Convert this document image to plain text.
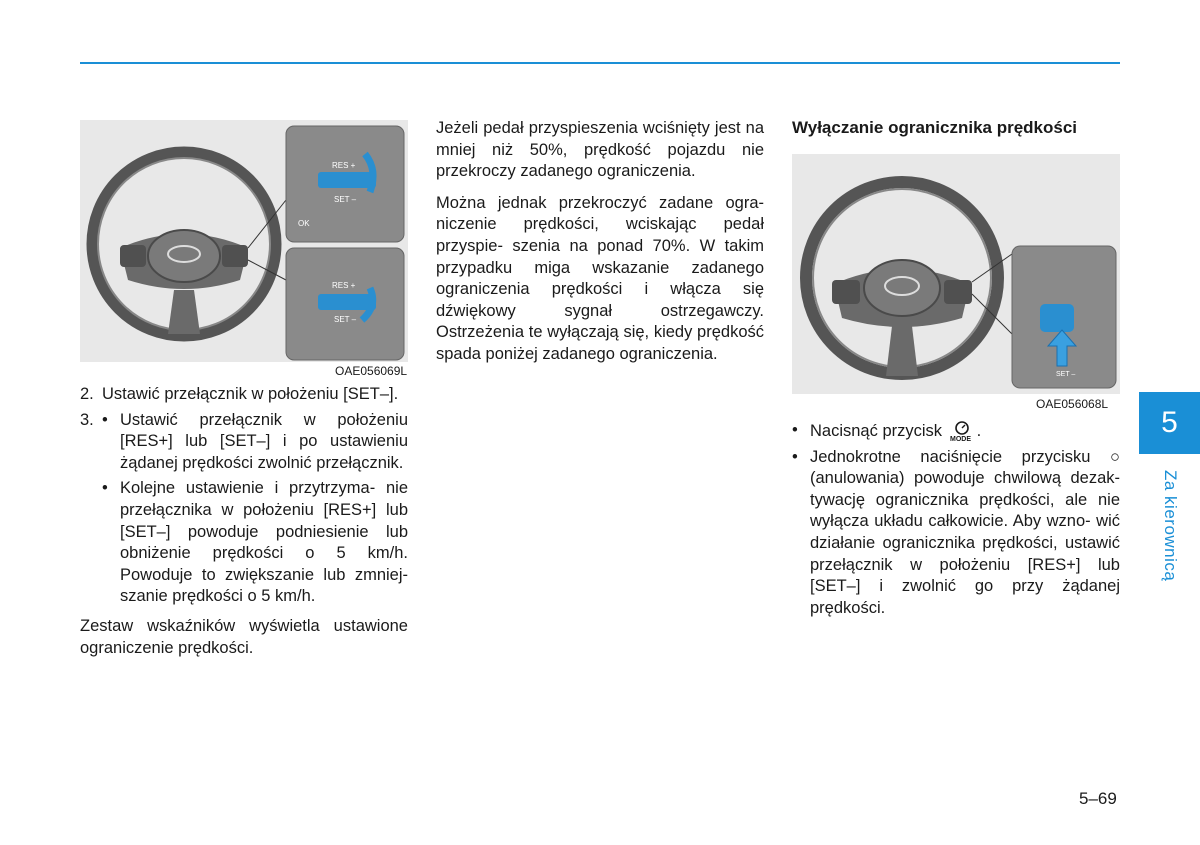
RES +
SET –
OK
RES +
SET –
OAE056069L
2. Ustawić przełącznik w położeniu [SET–].
3. • Ustawić przełącznik w położeniu [RES+] lub [SET–] i po ustawieniu żądanej prędkości zwolnić przełącznik.
• Kolejne ustawienie i przytrzyma- nie przełącznika w położeniu [RES+] lub [SET–] powoduje podniesienie lub obniżenie prędkości o 5 km/h. Powoduje to zwiększanie lub zmniej- szanie prędkości o 5 km/h.

Zestaw wskaźników wyświetla ustawione ograniczenie prędkości.

Jeżeli pedał przyspieszenia wciśnięty jest na mniej niż 50%, prędkość pojazdu nie przekroczy zadanego ograniczenia.

Można jednak przekroczyć zadane ogra- niczenie prędkości, wciskając pedał przyspie- szenia na ponad 70%. W takim przypadku miga wskazanie zadanego ograniczenia prędkości i włącza się dźwiękowy sygnał ostrzegawczy. Ostrzeżenia te wyłączają się, kiedy prędkość spada poniżej zadanego ograniczenia.

Wyłączanie ogranicznika prędkości
SET –
OAE056068L
• Nacisnąć przycisk MODE .
• Jednokrotne naciśnięcie przycisku ○ (anulowania) powoduje chwilową dezak- tywację ogranicznika prędkości, ale nie wyłącza układu całkowicie. Aby wzno- wić działanie ogranicznika prędkości, ustawić przełącznik w położeniu [RES+] lub [SET–] i zwolnić go przy żądanej prędkości.
5
Za kierownicą
5–69
